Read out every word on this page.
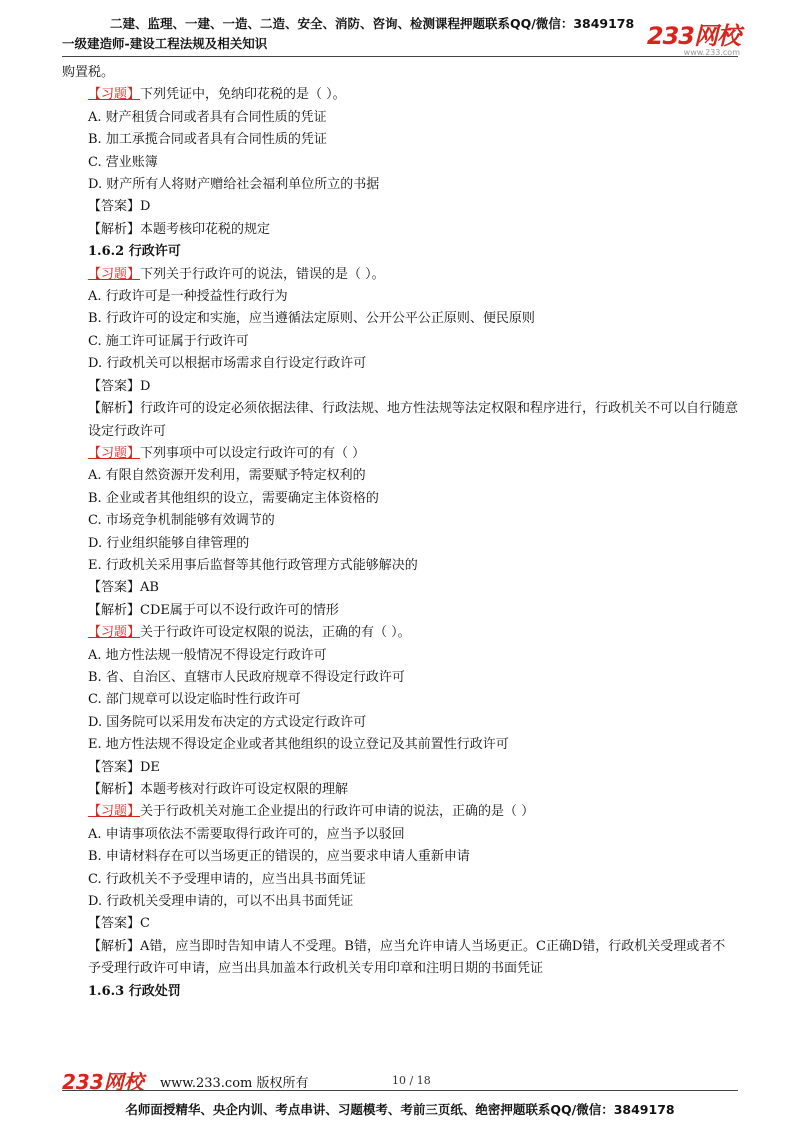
二建、监理、一建、一造、二造、安全、消防、咨询、检测课程押题联系QQ/微信：3849178
一级建造师-建设工程法规及相关知识	233网校
www.233.com

购置税。

【习题】下列凭证中，免纳印花税的是（ ）。

A. 财产租赁合同或者具有合同性质的凭证

B. 加工承揽合同或者具有合同性质的凭证

C. 营业账簿

D. 财产所有人将财产赠给社会福利单位所立的书据

【答案】D

【解析】本题考核印花税的规定

1.6.2 行政许可

【习题】下列关于行政许可的说法，错误的是（ ）。

A. 行政许可是一种授益性行政行为

B. 行政许可的设定和实施，应当遵循法定原则、公开公平公正原则、便民原则

C. 施工许可证属于行政许可

D. 行政机关可以根据市场需求自行设定行政许可

【答案】D

【解析】行政许可的设定必须依据法律、行政法规、地方性法规等法定权限和程序进行，行政机关不可以自行随意设定行政许可

【习题】下列事项中可以设定行政许可的有（ ）

A. 有限自然资源开发利用，需要赋予特定权利的

B. 企业或者其他组织的设立，需要确定主体资格的

C. 市场竞争机制能够有效调节的

D. 行业组织能够自律管理的

E. 行政机关采用事后监督等其他行政管理方式能够解决的

【答案】AB

【解析】CDE属于可以不设行政许可的情形

【习题】关于行政许可设定权限的说法，正确的有（ ）。

A. 地方性法规一般情况不得设定行政许可

B. 省、自治区、直辖市人民政府规章不得设定行政许可

C. 部门规章可以设定临时性行政许可

D. 国务院可以采用发布决定的方式设定行政许可

E. 地方性法规不得设定企业或者其他组织的设立登记及其前置性行政许可

【答案】DE

【解析】本题考核对行政许可设定权限的理解

【习题】关于行政机关对施工企业提出的行政许可申请的说法，正确的是（ ）

A. 申请事项依法不需要取得行政许可的，应当予以驳回

B. 申请材料存在可以当场更正的错误的，应当要求申请人重新申请

C. 行政机关不予受理申请的，应当出具书面凭证

D. 行政机关受理申请的，可以不出具书面凭证

【答案】C

【解析】A错，应当即时告知申请人不受理。B错，应当允许申请人当场更正。C正确D错，行政机关受理或者不予受理行政许可申请，应当出具加盖本行政机关专用印章和注明日期的书面凭证

1.6.3 行政处罚

233网校 www.233.com 版权所有	10 / 18
名师面授精华、央企内训、考点串讲、习题模考、考前三页纸、绝密押题联系QQ/微信：3849178
